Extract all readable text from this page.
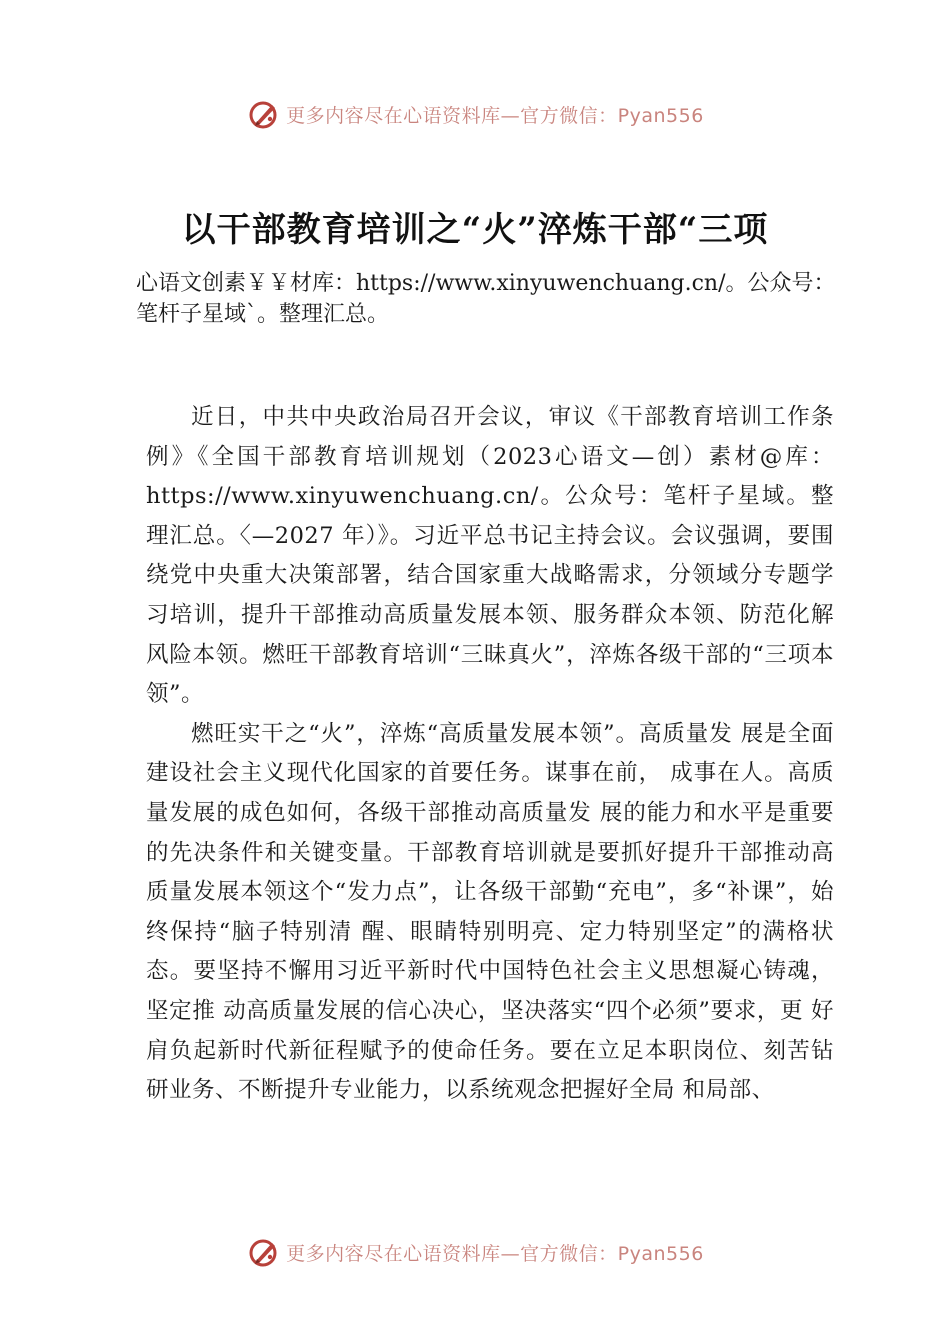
更多内容尽在心语资料库—官方微信：Pyan556
以干部教育培训之“火”淬炼干部“三项
心语文创素￥￥材库：https://www.xinyuwenchuang.cn/。公众号：笔杆子星域`。整理汇总。

近日，中共中央政治局召开会议，审议《干部教育培训工作条例》《全国干部教育培训规划（2023心语文—创）素材@库：https://www.xinyuwenchuang.cn/。公众号：笔杆子星域。整理汇总。〈—2027 年）》。习近平总书记主持会议。会议强调，要围绕党中央重大决策部署，结合国家重大战略需求，分领域分专题学习培训，提升干部推动高质量发展本领、服务群众本领、防范化解风险本领。燃旺干部教育培训“三昧真火”，淬炼各级干部的“三项本领”。

燃旺实干之“火”，淬炼“高质量发展本领”。高质量发 展是全面建设社会主义现代化国家的首要任务。谋事在前， 成事在人。高质量发展的成色如何，各级干部推动高质量发 展的能力和水平是重要的先决条件和关键变量。干部教育培训就是要抓好提升干部推动高质量发展本领这个“发力点”，让各级干部勤“充电”，多“补课”，始终保持“脑子特别清 醒、眼睛特别明亮、定力特别坚定”的满格状态。要坚持不懈用习近平新时代中国特色社会主义思想凝心铸魂，坚定推 动高质量发展的信心决心，坚决落实“四个必须”要求，更 好肩负起新时代新征程赋予的使命任务。要在立足本职岗位、刻苦钻研业务、不断提升专业能力，以系统观念把握好全局 和局部、

更多内容尽在心语资料库—官方微信：Pyan556
